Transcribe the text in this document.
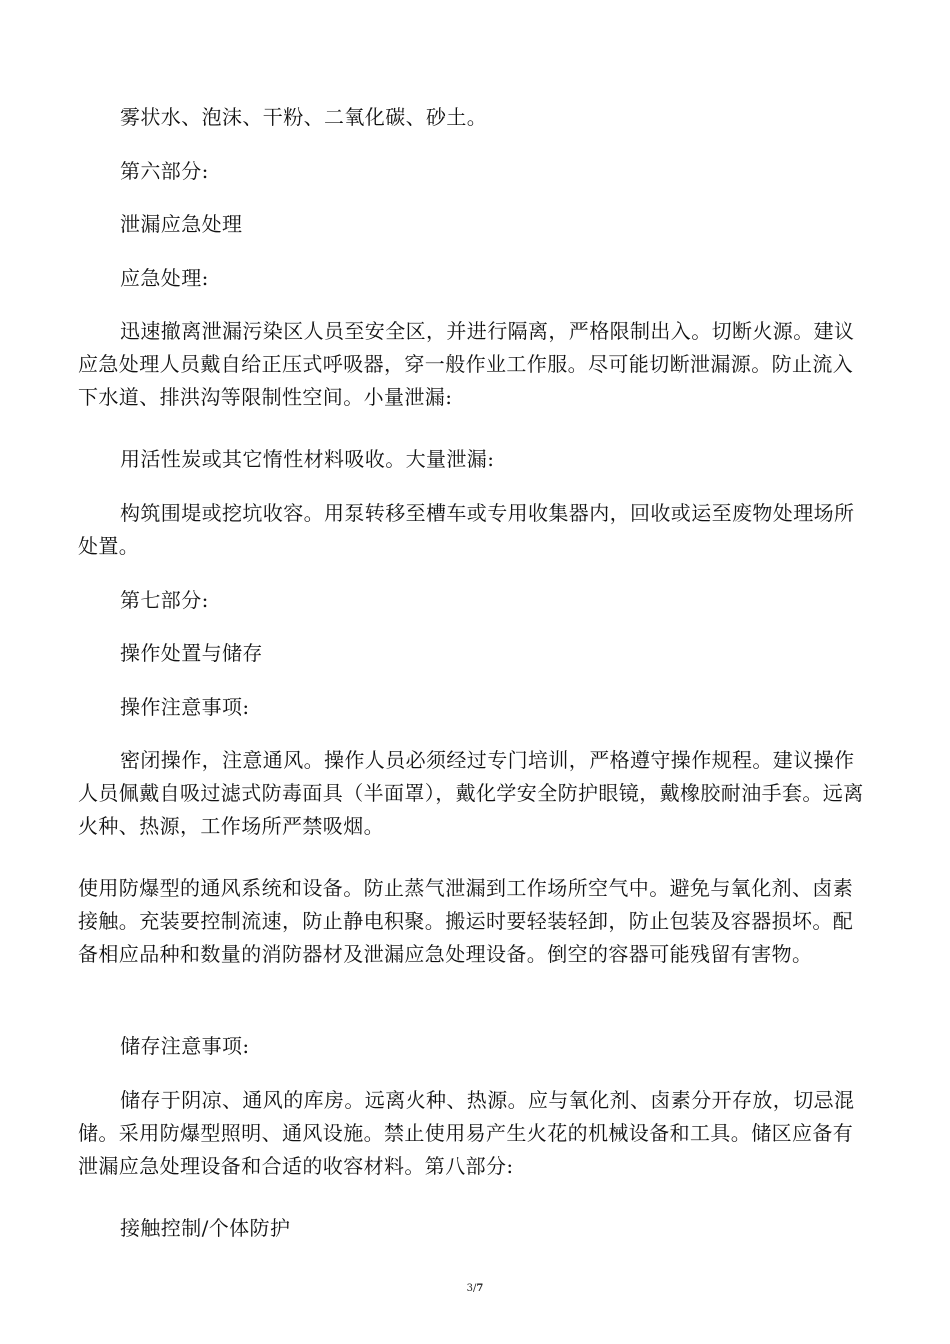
雾状水、泡沫、干粉、二氧化碳、砂土。

第六部分:

泄漏应急处理

应急处理:

迅速撤离泄漏污染区人员至安全区，并进行隔离，严格限制出入。切断火源。建议应急处理人员戴自给正压式呼吸器，穿一般作业工作服。尽可能切断泄漏源。防止流入下水道、排洪沟等限制性空间。小量泄漏:

用活性炭或其它惰性材料吸收。大量泄漏:

构筑围堤或挖坑收容。用泵转移至槽车或专用收集器内，回收或运至废物处理场所处置。

第七部分:

操作处置与储存

操作注意事项:

密闭操作，注意通风。操作人员必须经过专门培训，严格遵守操作规程。建议操作人员佩戴自吸过滤式防毒面具（半面罩），戴化学安全防护眼镜，戴橡胶耐油手套。远离火种、热源，工作场所严禁吸烟。

使用防爆型的通风系统和设备。防止蒸气泄漏到工作场所空气中。避免与氧化剂、卤素接触。充装要控制流速，防止静电积聚。搬运时要轻装轻卸，防止包装及容器损坏。配备相应品种和数量的消防器材及泄漏应急处理设备。倒空的容器可能残留有害物。

储存注意事项:

储存于阴凉、通风的库房。远离火种、热源。应与氧化剂、卤素分开存放，切忌混储。采用防爆型照明、通风设施。禁止使用易产生火花的机械设备和工具。储区应备有泄漏应急处理设备和合适的收容材料。第八部分:

接触控制/个体防护

3/7
